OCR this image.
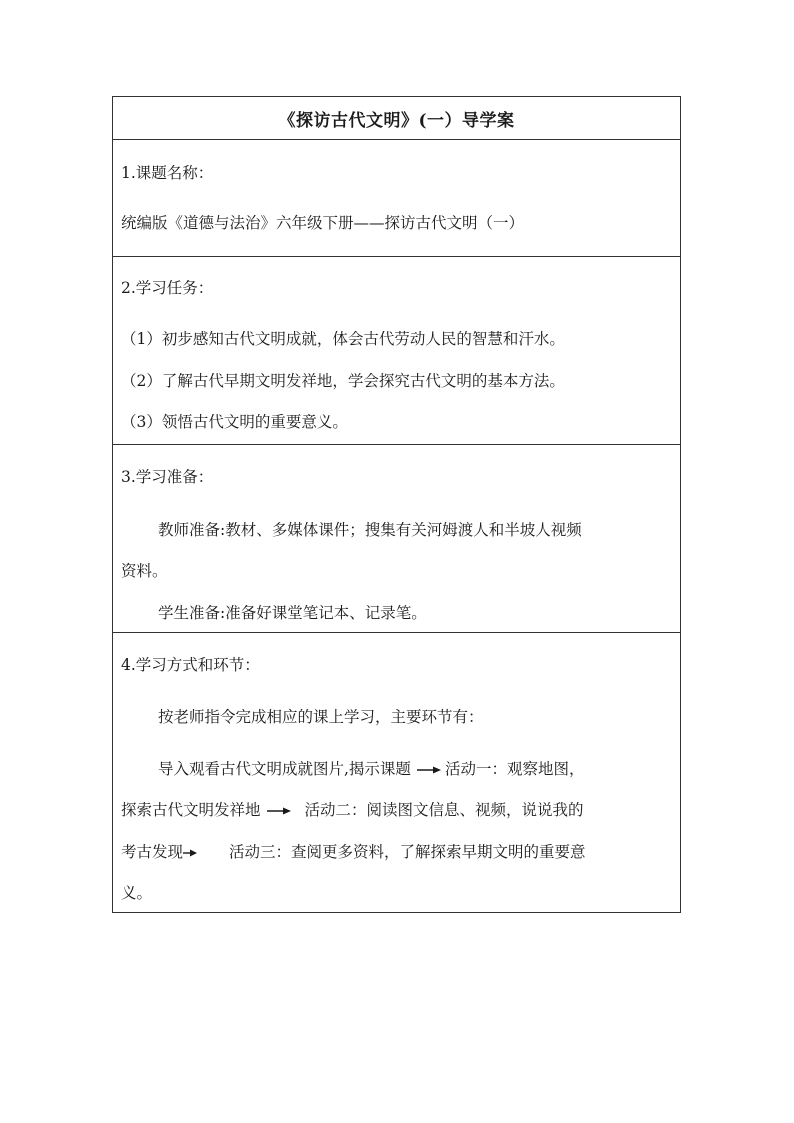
《探访古代文明》(一）导学案
1.课题名称：
统编版《道德与法治》六年级下册——探访古代文明（一）
2.学习任务：
（1）初步感知古代文明成就，体会古代劳动人民的智慧和汗水。
（2）了解古代早期文明发祥地，学会探究古代文明的基本方法。
（3）领悟古代文明的重要意义。
3.学习准备：
教师准备:教材、多媒体课件；搜集有关河姆渡人和半坡人视频
资料。
学生准备:准备好课堂笔记本、记录笔。
4.学习方式和环节：
按老师指令完成相应的课上学习，主要环节有：
导入观看古代文明成就图片,揭示课题 活动一：观察地图，
探索古代文明发祥地	活动二：阅读图文信息、视频，说说我的
考古发现	活动三：查阅更多资料，了解探索早期文明的重要意
义。
